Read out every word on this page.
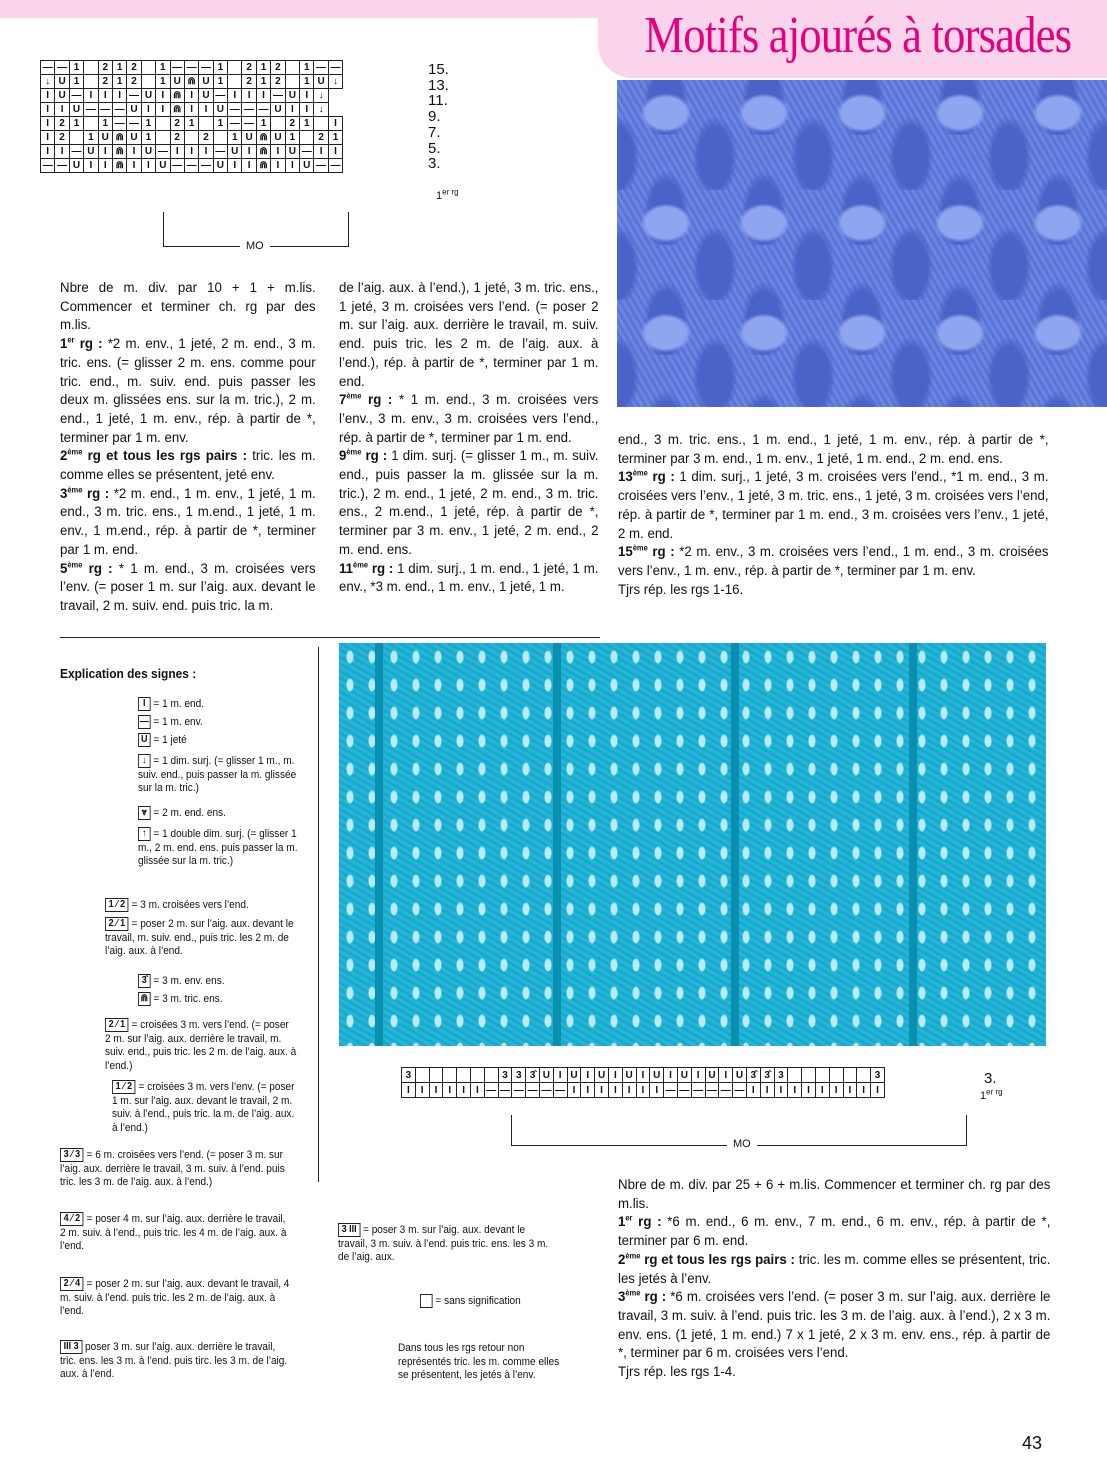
Motifs ajourés à torsades
—	—	1		2	1	2		1	—	—	—	1		2	1	2		1	—	—
↓	U	1		2	1	2		1	U	⋒	U	1		2	1	2		1	U	↓
I	U	—	I	I	I	—	U	I	⋒	I	U	—	I	I	I	—	U	I	↓	
I	I	U	—	—	—	U	I	I	⋒	I	I	U	—	—	—	U	I	I	↓	
I	2	1		1	—	—	1		2	1		1	—	—	1		2	1		I
I	2		1	U	⋒	U	1		2		2		1	U	⋒	U	1		2	1
I	I	—	U	I	⋒	I	U	—	I	I	I	—	U	I	⋒	I	U	—	I	I
—	—	U	I	I	⋒	I	I	U	—	—	—	U	I	I	⋒	I	I	U	—	—
15.
13.
11.
9.
7.
5.
3.
$1^{er rg}$
MO
Nbre de m. div. par 10 + 1 + m.lis. Commencer et terminer ch. rg par des m.lis.
1er rg : *2 m. env., 1 jeté, 2 m. end., 3 m. tric. ens. (= glisser 2 m. ens. comme pour tric. end., m. suiv. end. puis passer les deux m. glissées ens. sur la m. tric.), 2 m. end., 1 jeté, 1 m. env., rép. à partir de *, terminer par 1 m. env.
2ème rg et tous les rgs pairs : tric. les m. comme elles se présentent, jeté env.
3ème rg : *2 m. end., 1 m. env., 1 jeté, 1 m. end., 3 m. tric. ens., 1 m.end., 1 jeté, 1 m. env., 1 m.end., rép. à partir de *, terminer par 1 m. end.
5ème rg : * 1 m. end., 3 m. croisées vers l’env. (= poser 1 m. sur l’aig. aux. devant le travail, 2 m. suiv. end. puis tric. la m.
de l’aig. aux. à l’end.), 1 jeté, 3 m. tric. ens., 1 jeté, 3 m. croisées vers l’end. (= poser 2 m. sur l’aig. aux. derrière le travail, m. suiv. end. puis tric. les 2 m. de l’aig. aux. à l’end.), rép. à partir de *, terminer par 1 m. end.
7ème rg : * 1 m. end., 3 m. croisées vers l’env., 3 m. env., 3 m. croisées vers l’end., rép. à partir de *, terminer par 1 m. end.
9ème rg : 1 dim. surj. (= glisser 1 m., m. suiv. end., puis passer la m. glissée sur la m. tric.), 2 m. end., 1 jeté, 2 m. end., 3 m. tric. ens., 2 m.end., 1 jeté, rép. à partir de *, terminer par 3 m. env., 1 jeté, 2 m. end., 2 m. end. ens.
11ème rg : 1 dim. surj., 1 m. end., 1 jeté, 1 m. env., *3 m. end., 1 m. env., 1 jeté, 1 m.
end., 3 m. tric. ens., 1 m. end., 1 jeté, 1 m. env., rép. à partir de *, terminer par 3 m. end., 1 m. env., 1 jeté, 1 m. end., 2 m. end. ens.
13ème rg : 1 dim. surj., 1 jeté, 3 m. croisées vers l’end., *1 m. end., 3 m. croisées vers l’env., 1 jeté, 3 m. tric. ens., 1 jeté, 3 m. croisées vers l’end, rép. à partir de *, terminer par 1 m. end., 3 m. croisées vers l’env., 1 jeté, 2 m. end.
15ème rg : *2 m. env., 3 m. croisées vers l’end., 1 m. end., 3 m. croisées vers l’env., 1 m. env., rép. à partir de *, terminer par 1 m. env.
Tjrs rép. les rgs 1-16.
Explication des signes :
I = 1 m. end.
— = 1 m. env.
U = 1 jeté
↓ = 1 dim. surj. (= glisser 1 m., m. suiv. end., puis passer la m. glissée sur la m. tric.)
⩔ = 2 m. end. ens.
↑ = 1 double dim. surj. (= glisser 1 m., 2 m. end. ens. puis passer la m. glissée sur la m. tric.)
1 ⁄ 2 = 3 m. croisées vers l’end.
2 ⁄ 1 = poser 2 m. sur l’aig. aux. devant le travail, m. suiv. end., puis tric. les 2 m. de l’aig. aux. à l’end.
3̂ = 3 m. env. ens.
⋒ = 3 m. tric. ens.
2 ⁄ 1 = croisées 3 m. vers l’end. (= poser 2 m. sur l’aig. aux. derrière le travail, m. suiv. end., puis tric. les 2 m. de l’aig. aux. à l’end.)
1 ⁄ 2 = croisées 3 m. vers l’env. (= poser 1 m. sur l’aig. aux. devant le travail, 2 m. suiv. à l’end., puis tric. la m. de l’aig. aux. à l’end.)
3 ⁄ 3 = 6 m. croisées vers l’end. (= poser 3 m. sur l’aig. aux. derrière le travail, 3 m. suiv. à l’end. puis tric. les 3 m. de l’aig. aux. à l’end.)
4 ⁄ 2 = poser 4 m. sur l’aig. aux. derrière le travail, 2 m. suiv. à l’end., puis tric. les 4 m. de l’aig. aux. à l’end.
2 ⁄ 4 = poser 2 m. sur l’aig. aux. devant le travail, 4 m. suiv. à l’end. puis tric. les 2 m. de l’aig. aux. à l’end.
III 3 poser 3 m. sur l’aig. aux. derrière le travail, tric. ens. les 3 m. à l’end. puis tirc. les 3 m. de l’aig. aux. à l’end.
3 III = poser 3 m. sur l’aig. aux. devant le travail, 3 m. suiv. à l’end. puis tric. ens. les 3 m. de l’aig. aux.
= sans signification
Dans tous les rgs retour non représentés tric. les m. comme elles se présentent, les jetés à l’env.
3							3	3	3̂	U	I	U	I	U	I	U	I	U	I	U	I	U	I	U	3̂	3̂	3							3
I	I	I	I	I	I	—	—	—	—	—	—	I	I	I	I	I	I	I	—	—	—	—	—	—	I	I	I	I	I	I	I	I	I	I
3.
$1^{er rg}$
MO
Nbre de m. div. par 25 + 6 + m.lis. Commencer et terminer ch. rg par des m.lis.
1er rg : *6 m. end., 6 m. env., 7 m. end., 6 m. env., rép. à partir de *, terminer par 6 m. end.
2ème rg et tous les rgs pairs : tric. les m. comme elles se présentent, tric. les jetés à l’env.
3ème rg : *6 m. croisées vers l’end. (= poser 3 m. sur l’aig. aux. derrière le travail, 3 m. suiv. à l’end. puis tric. les 3 m. de l’aig. aux. à l’end.), 2 x 3 m. env. ens. (1 jeté, 1 m. end.) 7 x 1 jeté, 2 x 3 m. env. ens., rép. à partir de *, terminer par 6 m. croisées vers l’end.
Tjrs rép. les rgs 1-4.
43
